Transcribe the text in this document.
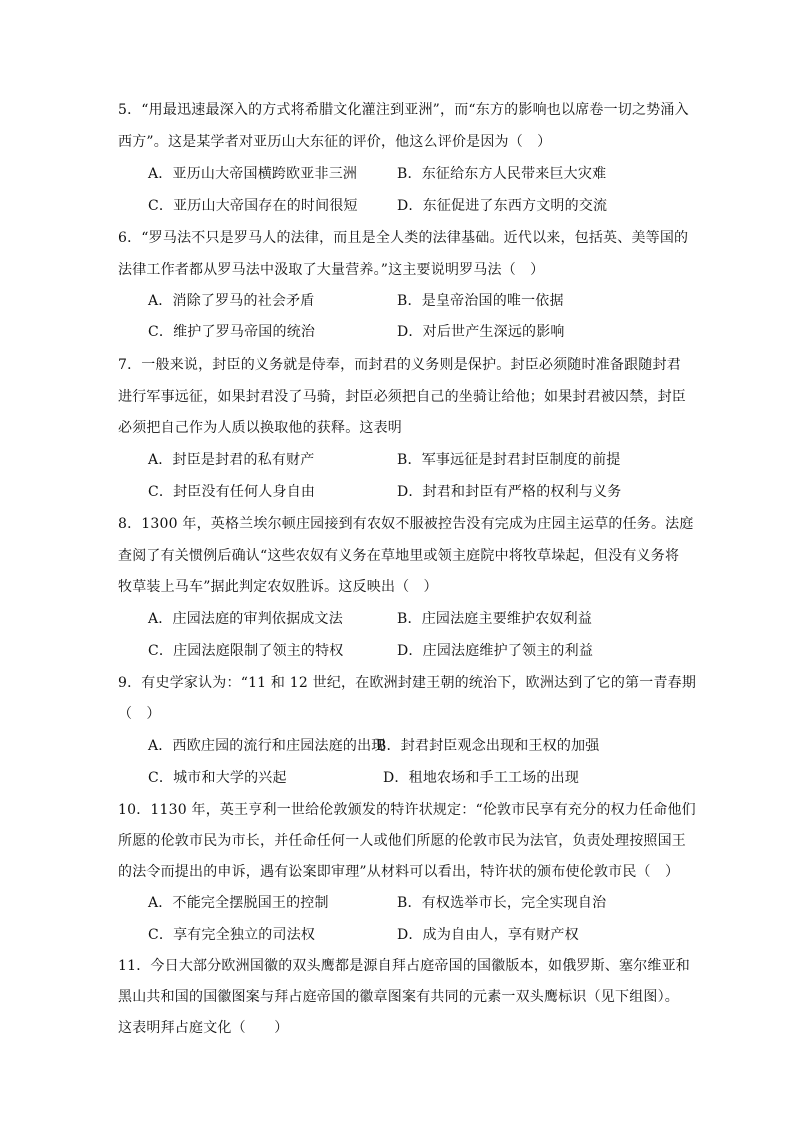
5．“用最迅速最深入的方式将希腊文化灌注到亚洲”，而“东方的影响也以席卷一切之势涌入
西方”。这是某学者对亚历山大东征的评价，他这么评价是因为（　）
A．亚历山大帝国横跨欧亚非三洲	B．东征给东方人民带来巨大灾难
C．亚历山大帝国存在的时间很短	D．东征促进了东西方文明的交流
6．“罗马法不只是罗马人的法律，而且是全人类的法律基础。近代以来，包括英、美等国的
法律工作者都从罗马法中汲取了大量营养。”这主要说明罗马法（　）
A．消除了罗马的社会矛盾	B．是皇帝治国的唯一依据
C．维护了罗马帝国的统治	D．对后世产生深远的影响
7．一般来说，封臣的义务就是侍奉，而封君的义务则是保护。封臣必须随时准备跟随封君
进行军事远征，如果封君没了马骑，封臣必须把自己的坐骑让给他；如果封君被囚禁，封臣
必须把自己作为人质以换取他的获释。这表明
A．封臣是封君的私有财产	B．军事远征是封君封臣制度的前提
C．封臣没有任何人身自由	D．封君和封臣有严格的权利与义务
8．1300 年，英格兰埃尔顿庄园接到有农奴不服被控告没有完成为庄园主运草的任务。法庭
查阅了有关惯例后确认“这些农奴有义务在草地里或领主庭院中将牧草垛起，但没有义务将
牧草装上马车”据此判定农奴胜诉。这反映出（　）
A．庄园法庭的审判依据成文法	B．庄园法庭主要维护农奴利益
C．庄园法庭限制了领主的特权	D．庄园法庭维护了领主的利益
9．有史学家认为：“11 和 12 世纪，在欧洲封建王朝的统治下，欧洲达到了它的第一青春期
（　）
A．西欧庄园的流行和庄园法庭的出现
B．封君封臣观念出现和王权的加强
C．城市和大学的兴起	D．租地农场和手工工场的出现
10．1130 年，英王亨利一世给伦敦颁发的特许状规定：“伦敦市民享有充分的权力任命他们
所愿的伦敦市民为市长，并任命任何一人或他们所愿的伦敦市民为法官，负责处理按照国王
的法令而提出的申诉，遇有讼案即审理”从材料可以看出，特许状的颁布使伦敦市民（　）
A．不能完全摆脱国王的控制	B．有权选举市长，完全实现自治
C．享有完全独立的司法权	D．成为自由人，享有财产权
11．今日大部分欧洲国徽的双头鹰都是源自拜占庭帝国的国徽版本，如俄罗斯、塞尔维亚和
黑山共和国的国徽图案与拜占庭帝国的徽章图案有共同的元素一双头鹰标识（见下组图）。
这表明拜占庭文化（　　）
